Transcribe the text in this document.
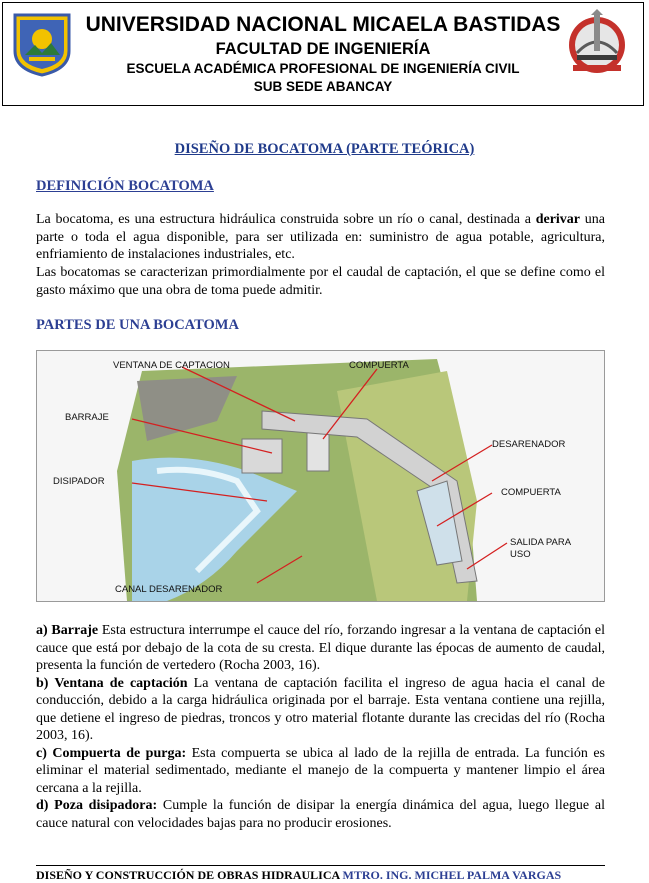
UNIVERSIDAD NACIONAL MICAELA BASTIDAS
FACULTAD DE INGENIERÍA
ESCUELA ACADÉMICA PROFESIONAL DE INGENIERÍA CIVIL
SUB SEDE ABANCAY
DISEÑO DE BOCATOMA (PARTE TEÓRICA)
DEFINICIÓN BOCATOMA
La bocatoma, es una estructura hidráulica construida sobre un río o canal, destinada a derivar una parte o toda el agua disponible, para ser utilizada en: suministro de agua potable, agricultura, enfriamiento de instalaciones industriales, etc.
Las bocatomas se caracterizan primordialmente por el caudal de captación, el que se define como el gasto máximo que una obra de toma puede admitir.
PARTES DE UNA BOCATOMA
VENTANA DE CAPTACION	COMPUERTA
BARRAJE
DISIPADOR
DESARENADOR
COMPUERTA
SALIDA PARA
USO
CANAL DESARENADOR

a) Barraje Esta estructura interrumpe el cauce del río, forzando ingresar a la ventana de captación el cauce que está por debajo de la cota de su cresta. El dique durante las épocas de aumento de caudal, presenta la función de vertedero (Rocha 2003, 16).

b) Ventana de captación La ventana de captación facilita el ingreso de agua hacia el canal de conducción, debido a la carga hidráulica originada por el barraje. Esta ventana contiene una rejilla, que detiene el ingreso de piedras, troncos y otro material flotante durante las crecidas del río (Rocha 2003, 16).

c) Compuerta de purga: Esta compuerta se ubica al lado de la rejilla de entrada. La función es eliminar el material sedimentado, mediante el manejo de la compuerta y mantener limpio el área cercana a la rejilla.

d) Poza disipadora: Cumple la función de disipar la energía dinámica del agua, luego llegue al cauce natural con velocidades bajas para no producir erosiones.

DISEÑO Y CONSTRUCCIÓN DE OBRAS HIDRAULICA MTRO. ING. MICHEL PALMA VARGAS
